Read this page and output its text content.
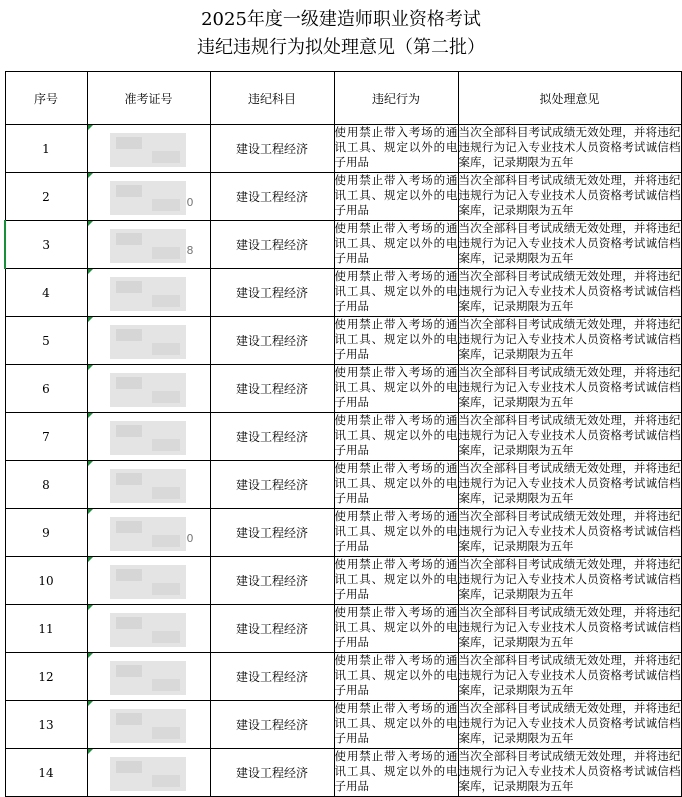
2025年度一级建造师职业资格考试
违纪违规行为拟处理意见（第二批）
序号	准考证号	违纪科目	违纪行为	拟处理意见
1		建设工程经济	使用禁止带入考场的通讯工具、规定以外的电子用品	当次全部科目考试成绩无效处理，并将违纪违规行为记入专业技术人员资格考试诚信档案库，记录期限为五年
2	0	建设工程经济	使用禁止带入考场的通讯工具、规定以外的电子用品	当次全部科目考试成绩无效处理，并将违纪违规行为记入专业技术人员资格考试诚信档案库，记录期限为五年
3	8	建设工程经济	使用禁止带入考场的通讯工具、规定以外的电子用品	当次全部科目考试成绩无效处理，并将违纪违规行为记入专业技术人员资格考试诚信档案库，记录期限为五年
4		建设工程经济	使用禁止带入考场的通讯工具、规定以外的电子用品	当次全部科目考试成绩无效处理，并将违纪违规行为记入专业技术人员资格考试诚信档案库，记录期限为五年
5		建设工程经济	使用禁止带入考场的通讯工具、规定以外的电子用品	当次全部科目考试成绩无效处理，并将违纪违规行为记入专业技术人员资格考试诚信档案库，记录期限为五年
6		建设工程经济	使用禁止带入考场的通讯工具、规定以外的电子用品	当次全部科目考试成绩无效处理，并将违纪违规行为记入专业技术人员资格考试诚信档案库，记录期限为五年
7		建设工程经济	使用禁止带入考场的通讯工具、规定以外的电子用品	当次全部科目考试成绩无效处理，并将违纪违规行为记入专业技术人员资格考试诚信档案库，记录期限为五年
8		建设工程经济	使用禁止带入考场的通讯工具、规定以外的电子用品	当次全部科目考试成绩无效处理，并将违纪违规行为记入专业技术人员资格考试诚信档案库，记录期限为五年
9	0	建设工程经济	使用禁止带入考场的通讯工具、规定以外的电子用品	当次全部科目考试成绩无效处理，并将违纪违规行为记入专业技术人员资格考试诚信档案库，记录期限为五年
10		建设工程经济	使用禁止带入考场的通讯工具、规定以外的电子用品	当次全部科目考试成绩无效处理，并将违纪违规行为记入专业技术人员资格考试诚信档案库，记录期限为五年
11		建设工程经济	使用禁止带入考场的通讯工具、规定以外的电子用品	当次全部科目考试成绩无效处理，并将违纪违规行为记入专业技术人员资格考试诚信档案库，记录期限为五年
12		建设工程经济	使用禁止带入考场的通讯工具、规定以外的电子用品	当次全部科目考试成绩无效处理，并将违纪违规行为记入专业技术人员资格考试诚信档案库，记录期限为五年
13		建设工程经济	使用禁止带入考场的通讯工具、规定以外的电子用品	当次全部科目考试成绩无效处理，并将违纪违规行为记入专业技术人员资格考试诚信档案库，记录期限为五年
14		建设工程经济	使用禁止带入考场的通讯工具、规定以外的电子用品	当次全部科目考试成绩无效处理，并将违纪违规行为记入专业技术人员资格考试诚信档案库，记录期限为五年
